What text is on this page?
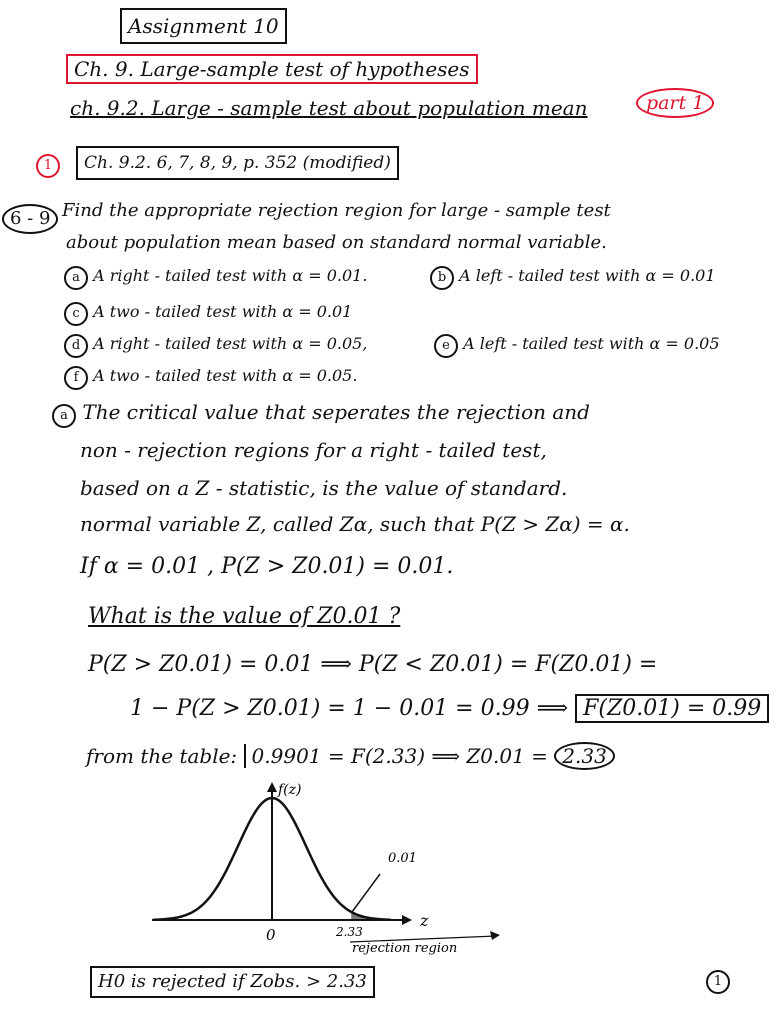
Assignment 10
Ch. 9. Large-sample test of hypotheses
ch. 9.2. Large - sample test about population mean	part 1
1	Ch. 9.2. 6, 7, 8, 9, p. 352 (modified)
6 - 9 Find the appropriate rejection region for large - sample test
about population mean based on standard normal variable.
a A right - tailed test with α = 0.01.	b A left - tailed test with α = 0.01
c A two - tailed test with α = 0.01
d A right - tailed test with α = 0.05,	e A left - tailed test with α = 0.05
f A two - tailed test with α = 0.05.
a The critical value that seperates the rejection and
non - rejection regions for a right - tailed test,
based on a Z - statistic, is the value of standard.
normal variable Z, called Zα, such that P(Z > Zα) = α.
If α = 0.01 , P(Z > Z0.01) = 0.01.
What is the value of Z0.01 ?
P(Z > Z0.01) = 0.01 ⟹ P(Z < Z0.01) = F(Z0.01) =
1 − P(Z > Z0.01) = 1 − 0.01 = 0.99 ⟹ F(Z0.01) = 0.99
from the table: 0.9901 = F(2.33) ⟹ Z0.01 = 2.33
f(z)
z
0	2.33
0.01
rejection region
H0 is rejected if Zobs. > 2.33	1
